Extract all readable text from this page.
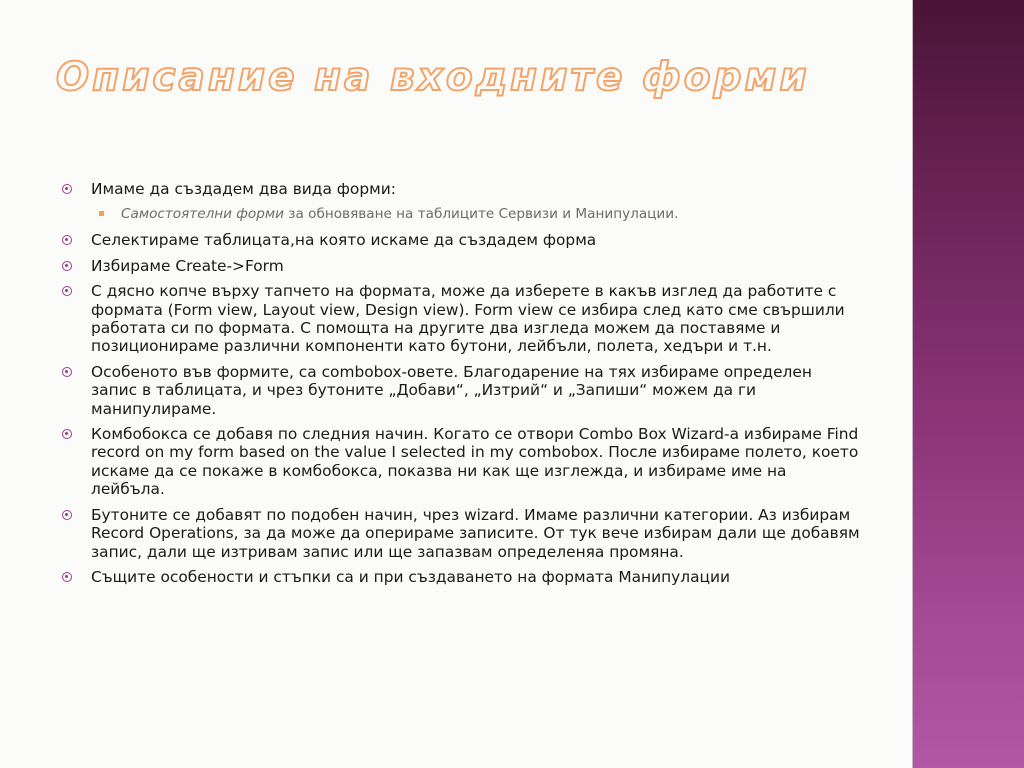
Описание на входните форми
Имаме да създадем два вида форми:
Самостоятелни форми за обновяване на таблиците Сервизи и Манипулации.
Селектираме таблицата,на която искаме да създадем форма
Избираме Create->Form
С дясно копче върху тапчето на формата, може да изберете в какъв изглед да работите с формата (Form view, Layout view, Design view). Form view се избира след като сме свършили работата си по формата. С помощта на другите два изгледа можем да поставяме и позиционираме различни компоненти като бутони, лейбъли, полета, хедъри и т.н.
Особеното във формите, са combobox-овете. Благодарение на тях избираме определен запис в таблицата, и чрез бутоните „Добави“, „Изтрий“ и „Запиши“ можем да ги манипулираме.
Комбобокса се добавя по следния начин. Когато се отвори Combo Box Wizard-a избираме Find record on my form based on the value I selected in my combobox. После избираме полето, което искаме да се покаже в комбобокса, показва ни как ще изглежда, и избираме име на лейбъла.
Бутоните се добавят по подобен начин, чрез wizard. Имаме различни категории. Аз избирам Record Operations, за да може да оперираме записите. От тук вече избирам дали ще добавям запис, дали ще изтривам запис или ще запазвам определеняа промяна.
Същите особености и стъпки са и при създаването на формата Манипулации
